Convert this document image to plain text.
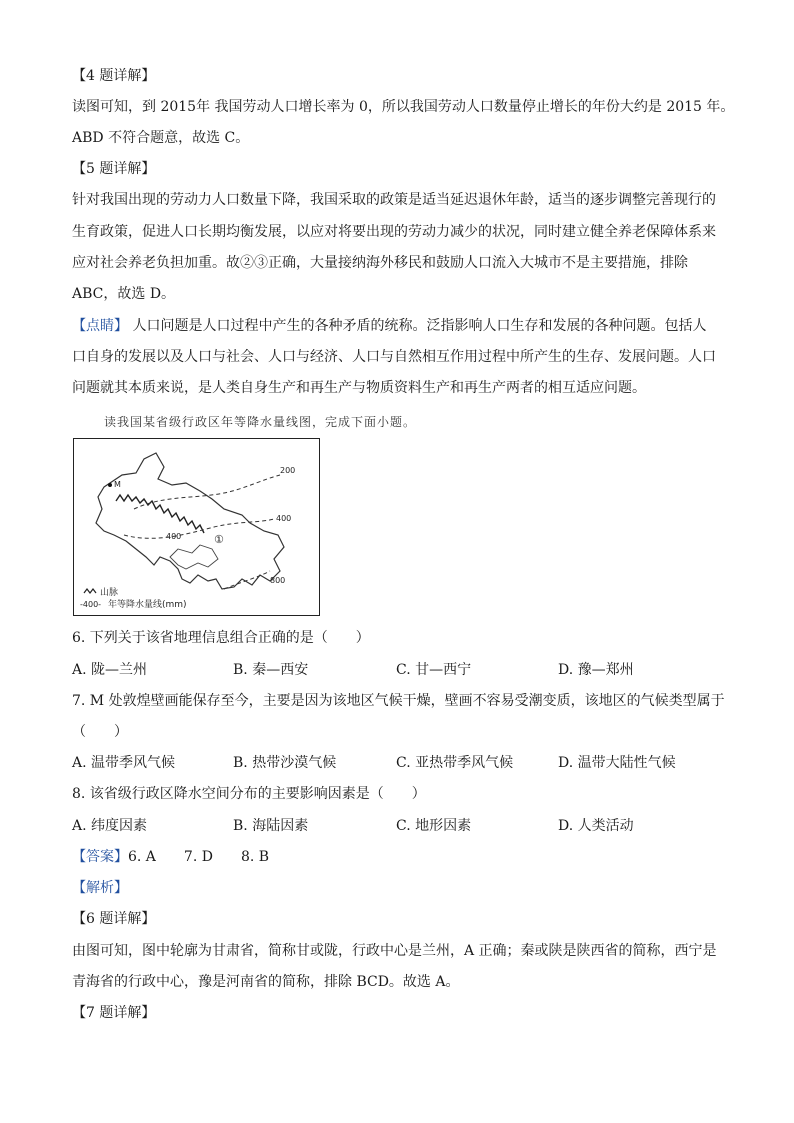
【4 题详解】
读图可知，到 2015年 我国劳动人口增长率为 0，所以我国劳动人口数量停止增长的年份大约是 2015 年。
ABD 不符合题意，故选 C。
【5 题详解】
针对我国出现的劳动力人口数量下降，我国采取的政策是适当延迟退休年龄，适当的逐步调整完善现行的
生育政策，促进人口长期均衡发展，以应对将要出现的劳动力减少的状况，同时建立健全养老保障体系来
应对社会养老负担加重。故②③正确，大量接纳海外移民和鼓励人口流入大城市不是主要措施，排除
ABC，故选 D。
【点睛】 人口问题是人口过程中产生的各种矛盾的统称。泛指影响人口生存和发展的各种问题。包括人
口自身的发展以及人口与社会、人口与经济、人口与自然相互作用过程中所产生的生存、发展问题。人口
问题就其本质来说，是人类自身生产和再生产与物质资料生产和再生产两者的相互适应问题。
读我国某省级行政区年等降水量线图，完成下面小题。
M
200
400
400
800
①
山脉
-400- 年等降水量线(mm)
6. 下列关于该省地理信息组合正确的是（　　）
A. 陇—兰州	B. 秦—西安	C. 甘—西宁	D. 豫—郑州
7. M 处敦煌壁画能保存至今，主要是因为该地区气候干燥，壁画不容易受潮变质，该地区的气候类型属于
（　　）
A. 温带季风气候	B. 热带沙漠气候	C. 亚热带季风气候	D. 温带大陆性气候
8. 该省级行政区降水空间分布的主要影响因素是（　　）
A. 纬度因素	B. 海陆因素	C. 地形因素	D. 人类活动
【答案】6. A　　7. D　　8. B
【解析】
【6 题详解】
由图可知，图中轮廓为甘肃省，简称甘或陇，行政中心是兰州，A 正确；秦或陕是陕西省的简称，西宁是
青海省的行政中心，豫是河南省的简称，排除 BCD。故选 A。
【7 题详解】
